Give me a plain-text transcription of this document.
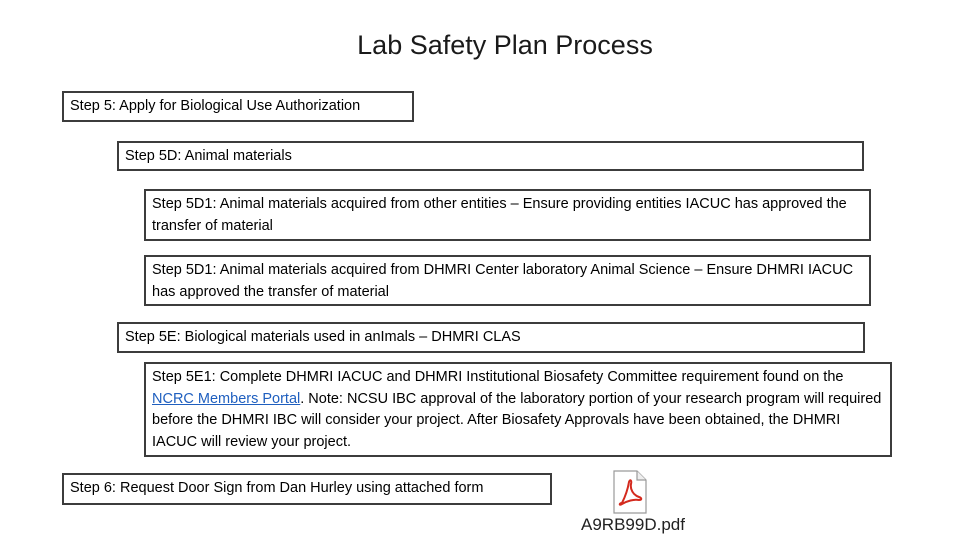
Lab Safety Plan Process
Step 5: Apply for Biological Use Authorization
Step 5D: Animal materials
Step 5D1: Animal materials acquired from other entities – Ensure providing entities IACUC has approved the transfer of material
Step 5D1: Animal materials acquired from DHMRI Center laboratory Animal Science – Ensure DHMRI IACUC has approved the transfer of material
Step 5E: Biological materials used in anImals – DHMRI CLAS
Step 5E1: Complete DHMRI IACUC and DHMRI Institutional Biosafety Committee requirement found on the NCRC Members Portal. Note: NCSU IBC approval of the laboratory portion of your research program will required before the DHMRI IBC will consider your project. After Biosafety Approvals have been obtained, the DHMRI IACUC will review your project.
Step 6: Request Door Sign from Dan Hurley using attached form
A9RB99D.pdf
